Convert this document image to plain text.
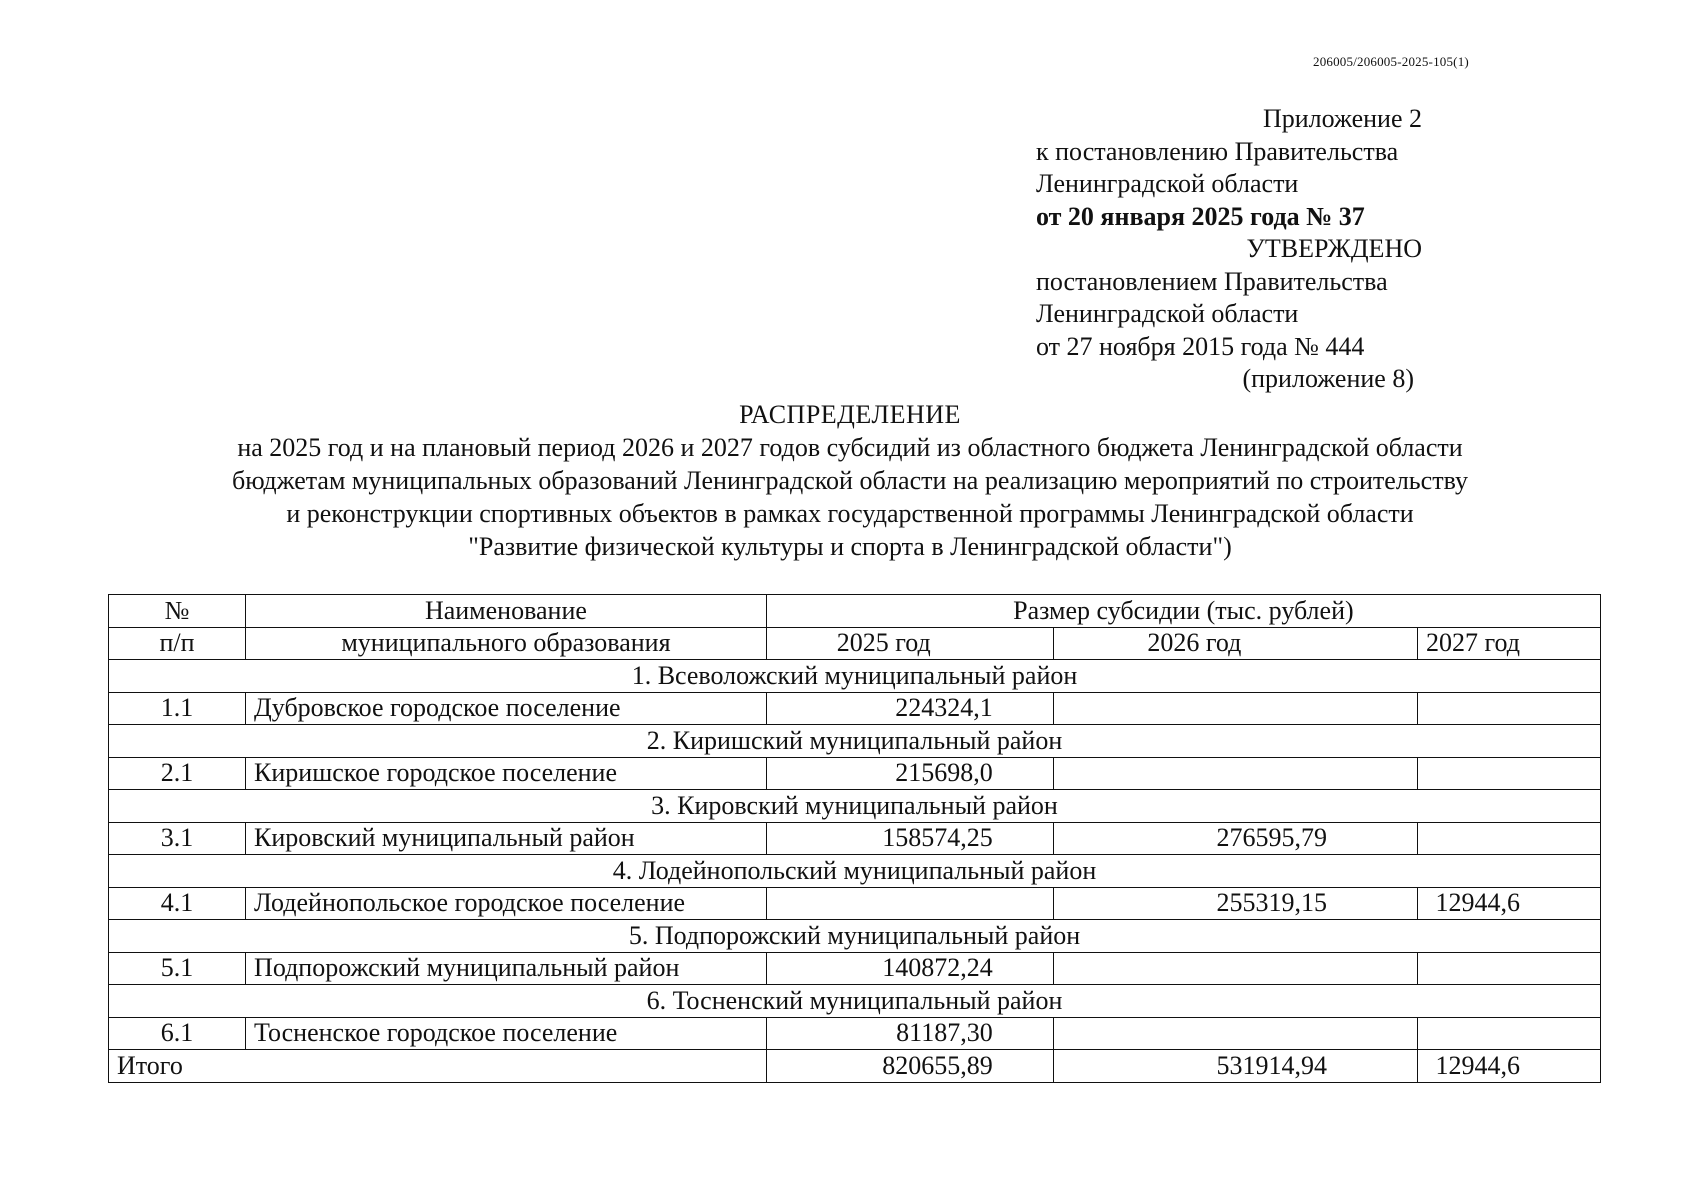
206005/206005-2025-105(1)
Приложение 2
к постановлению Правительства
Ленинградской области
от 20 января 2025 года № 37
УТВЕРЖДЕНО
постановлением Правительства
Ленинградской области
от 27 ноября 2015 года № 444
(приложение 8)
РАСПРЕДЕЛЕНИЕ
на 2025 год и на плановый период 2026 и 2027 годов субсидий из областного бюджета Ленинградской области
бюджетам муниципальных образований Ленинградской области на реализацию мероприятий по строительству
и реконструкции спортивных объектов в рамках государственной программы Ленинградской области
"Развитие физической культуры и спорта в Ленинградской области")
№	Наименование	Размер субсидии (тыс. рублей)		
п/п	муниципального образования	2025 год	2026 год	2027 год
1. Всеволожский муниципальный район				
1.1	Дубровское городское поселение	224324,1		
2. Киришский муниципальный район				
2.1	Киришское городское поселение	215698,0		
3. Кировский муниципальный район				
3.1	Кировский муниципальный район	158574,25	276595,79	
4. Лодейнопольский муниципальный район				
4.1	Лодейнопольское городское поселение		255319,15	12944,6
5. Подпорожский муниципальный район				
5.1	Подпорожский муниципальный район	140872,24		
6. Тосненский муниципальный район				
6.1	Тосненское городское поселение	81187,30		
Итого		820655,89	531914,94	12944,6
